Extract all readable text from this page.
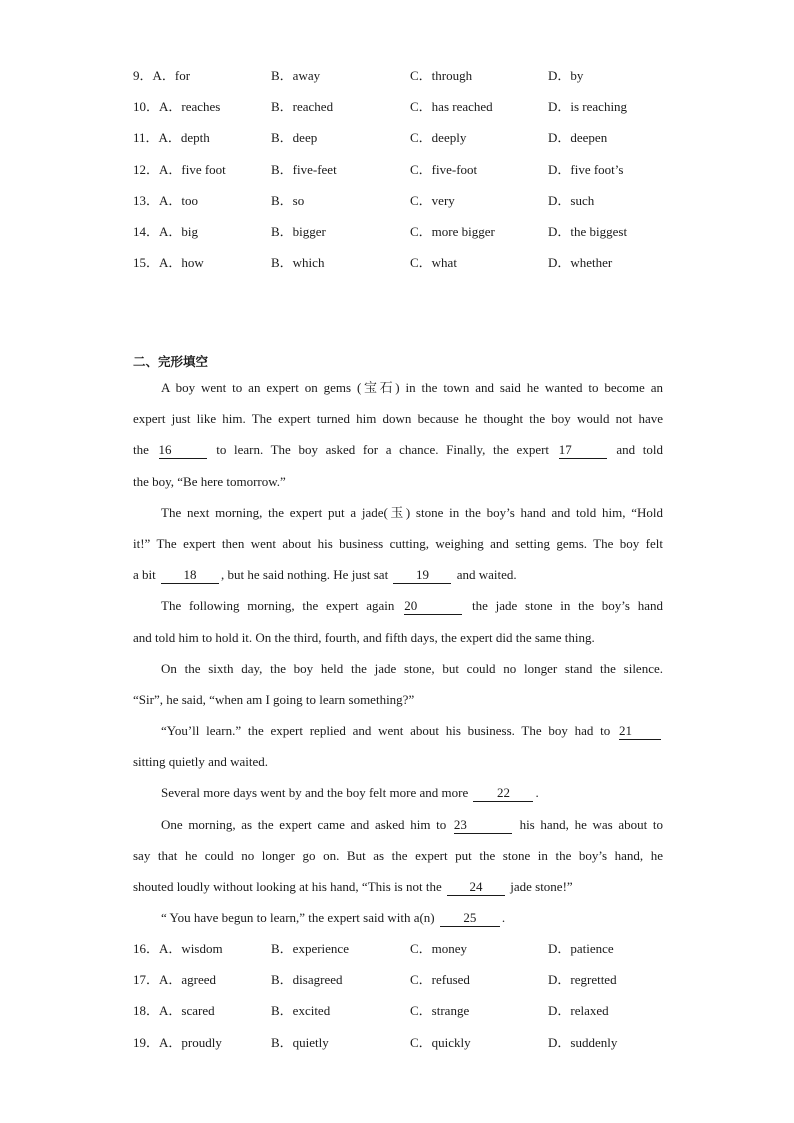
9．A．for	B．away	C．through	D．by
10．A．reaches	B．reached	C．has reached	D．is reaching
11．A．depth	B．deep	C．deeply	D．deepen
12．A．five foot	B．five-feet	C．five-foot	D．five foot’s
13．A．too	B．so	C．very	D．such
14．A．big	B．bigger	C．more bigger	D．the biggest
15．A．how	B．which	C．what	D．whether
二、完形填空
A boy went to an expert on gems (宝石) in the town and said he wanted to become an
expert just like him. The expert turned him down because he thought the boy would not have
the 16	to learn. The boy asked for a chance. Finally, the expert 17	and told
the boy, “Be here tomorrow.”
The next morning, the expert put a jade(玉) stone in the boy’s hand and told him, “Hold
it!” The expert then went about his business cutting, weighing and setting gems. The boy felt
a bit 18 , but he said nothing. He just sat 19 and waited.
The following morning, the expert again 20	the jade stone in the boy’s hand
and told him to hold it. On the third, fourth, and fifth days, the expert did the same thing.
On the sixth day, the boy held the jade stone, but could no longer stand the silence.
“Sir”, he said, “when am I going to learn something?”
“You’ll learn.” the expert replied and went about his business. The boy had to 21
sitting quietly and waited.
Several more days went by and the boy felt more and more 22 .
One morning, as the expert came and asked him to 23	his hand, he was about to
say that he could no longer go on. But as the expert put the stone in the boy’s hand, he
shouted loudly without looking at his hand, “This is not the 24 jade stone!”
“ You have begun to learn,” the expert said with a(n) 25 .
16．A．wisdom	B．experience	C．money	D．patience
17．A．agreed	B．disagreed	C．refused	D．regretted
18．A．scared	B．excited	C．strange	D．relaxed
19．A．proudly	B．quietly	C．quickly	D．suddenly
